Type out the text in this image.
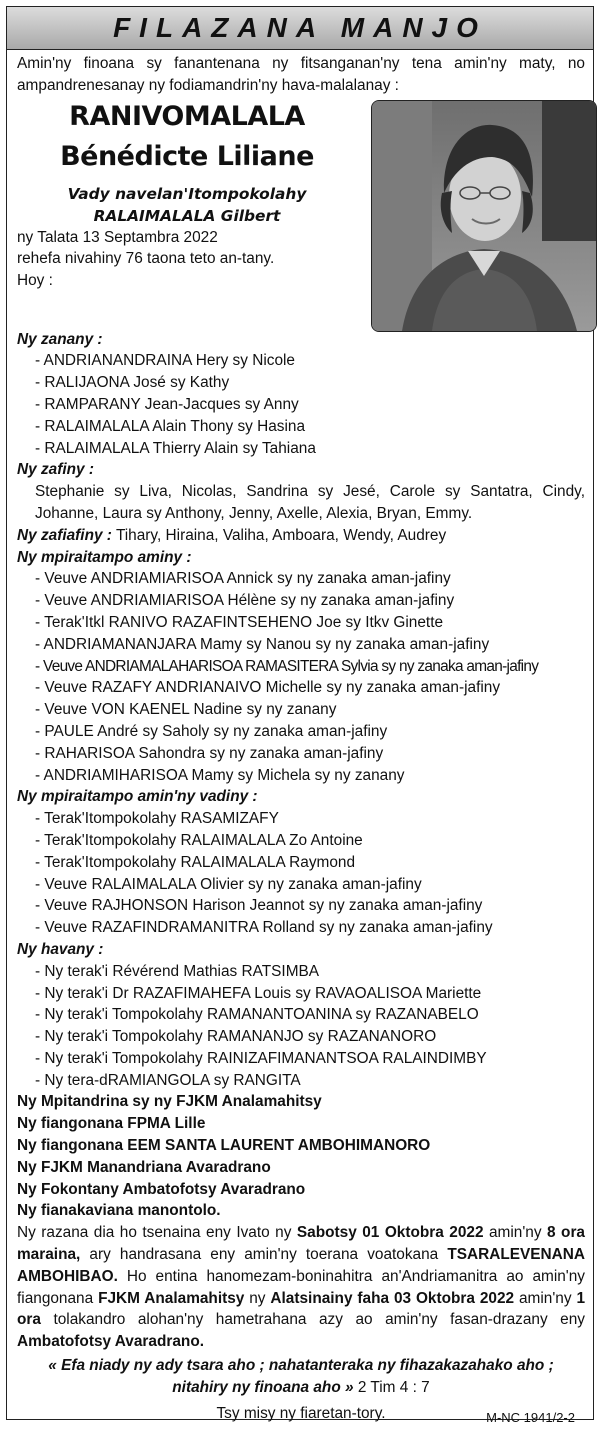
FILAZANA MANJO

Amin'ny finoana sy fanantenana ny fitsanganan'ny tena amin'ny maty, no ampandrenesanay ny fodiamandrin'ny hava-malalanay :

RANIVOMALALA
Bénédicte Liliane
Vady navelan'Itompokolahy
RALAIMALALA Gilbert

ny Talata 13 Septambra 2022

rehefa nivahiny 76 taona teto an-tany.

Hoy :

Ny zanany :

- ANDRIANANDRAINA Hery sy Nicole

- RALIJAONA José sy Kathy

- RAMPARANY Jean-Jacques sy Anny

- RALAIMALALA Alain Thony sy Hasina

- RALAIMALALA Thierry Alain sy Tahiana

Ny zafiny :

Stephanie sy Liva, Nicolas, Sandrina sy Jesé, Carole sy Santatra, Cindy, Johanne, Laura sy Anthony, Jenny, Axelle, Alexia, Bryan, Emmy.

Ny zafiafiny : Tihary, Hiraina, Valiha, Amboara, Wendy, Audrey

Ny mpiraitampo aminy :

- Veuve ANDRIAMIARISOA Annick sy ny zanaka aman-jafiny

- Veuve ANDRIAMIARISOA Hélène sy ny zanaka aman-jafiny

- Terak'Itkl RANIVO RAZAFINTSEHENO Joe sy Itkv Ginette

- ANDRIAMANANJARA Mamy sy Nanou sy ny zanaka aman-jafiny

- Veuve ANDRIAMALAHARISOA RAMASITERA Sylvia sy ny zanaka aman-jafiny

- Veuve RAZAFY ANDRIANAIVO Michelle sy ny zanaka aman-jafiny

- Veuve VON KAENEL Nadine sy ny zanany

- PAULE André sy Saholy sy ny zanaka aman-jafiny

- RAHARISOA Sahondra sy ny zanaka aman-jafiny

- ANDRIAMIHARISOA Mamy sy Michela sy ny zanany

Ny mpiraitampo amin'ny vadiny :

- Terak'Itompokolahy RASAMIZAFY

- Terak'Itompokolahy RALAIMALALA Zo Antoine

- Terak'Itompokolahy RALAIMALALA Raymond

- Veuve RALAIMALALA Olivier sy ny zanaka aman-jafiny

- Veuve RAJHONSON Harison Jeannot sy ny zanaka aman-jafiny

- Veuve RAZAFINDRAMANITRA Rolland sy ny zanaka aman-jafiny

Ny havany :

- Ny terak'i Révérend Mathias RATSIMBA

- Ny terak'i Dr RAZAFIMAHEFA Louis sy RAVAOALISOA Mariette

- Ny terak'i Tompokolahy RAMANANTOANINA sy RAZANABELO

- Ny terak'i Tompokolahy RAMANANJO sy RAZANANORO

- Ny terak'i Tompokolahy RAINIZAFIMANANTSOA RALAINDIMBY

- Ny tera-dRAMIANGOLA sy RANGITA

Ny Mpitandrina sy ny FJKM Analamahitsy

Ny fiangonana FPMA Lille

Ny fiangonana EEM SANTA LAURENT AMBOHIMANORO

Ny FJKM Manandriana Avaradrano

Ny Fokontany Ambatofotsy Avaradrano

Ny fianakaviana manontolo.

Ny razana dia ho tsenaina eny Ivato ny Sabotsy 01 Oktobra 2022 amin'ny 8 ora maraina, ary handrasana eny amin'ny toerana voatokana TSARALEVENANA AMBOHIBAO. Ho entina hanomezam-boninahitra an'Andriamanitra ao amin'ny fiangonana FJKM Analamahitsy ny Alatsinainy faha 03 Oktobra 2022 amin'ny 1 ora tolakandro alohan'ny hametrahana azy ao amin'ny fasan-drazany eny Ambatofotsy Avaradrano.

« Efa niady ny ady tsara aho ; nahatanteraka ny fihazakazahako aho ;
nitahiry ny finoana aho » 2 Tim 4 : 7

Tsy misy ny fiaretan-tory.	M-NC 1941/2-2
